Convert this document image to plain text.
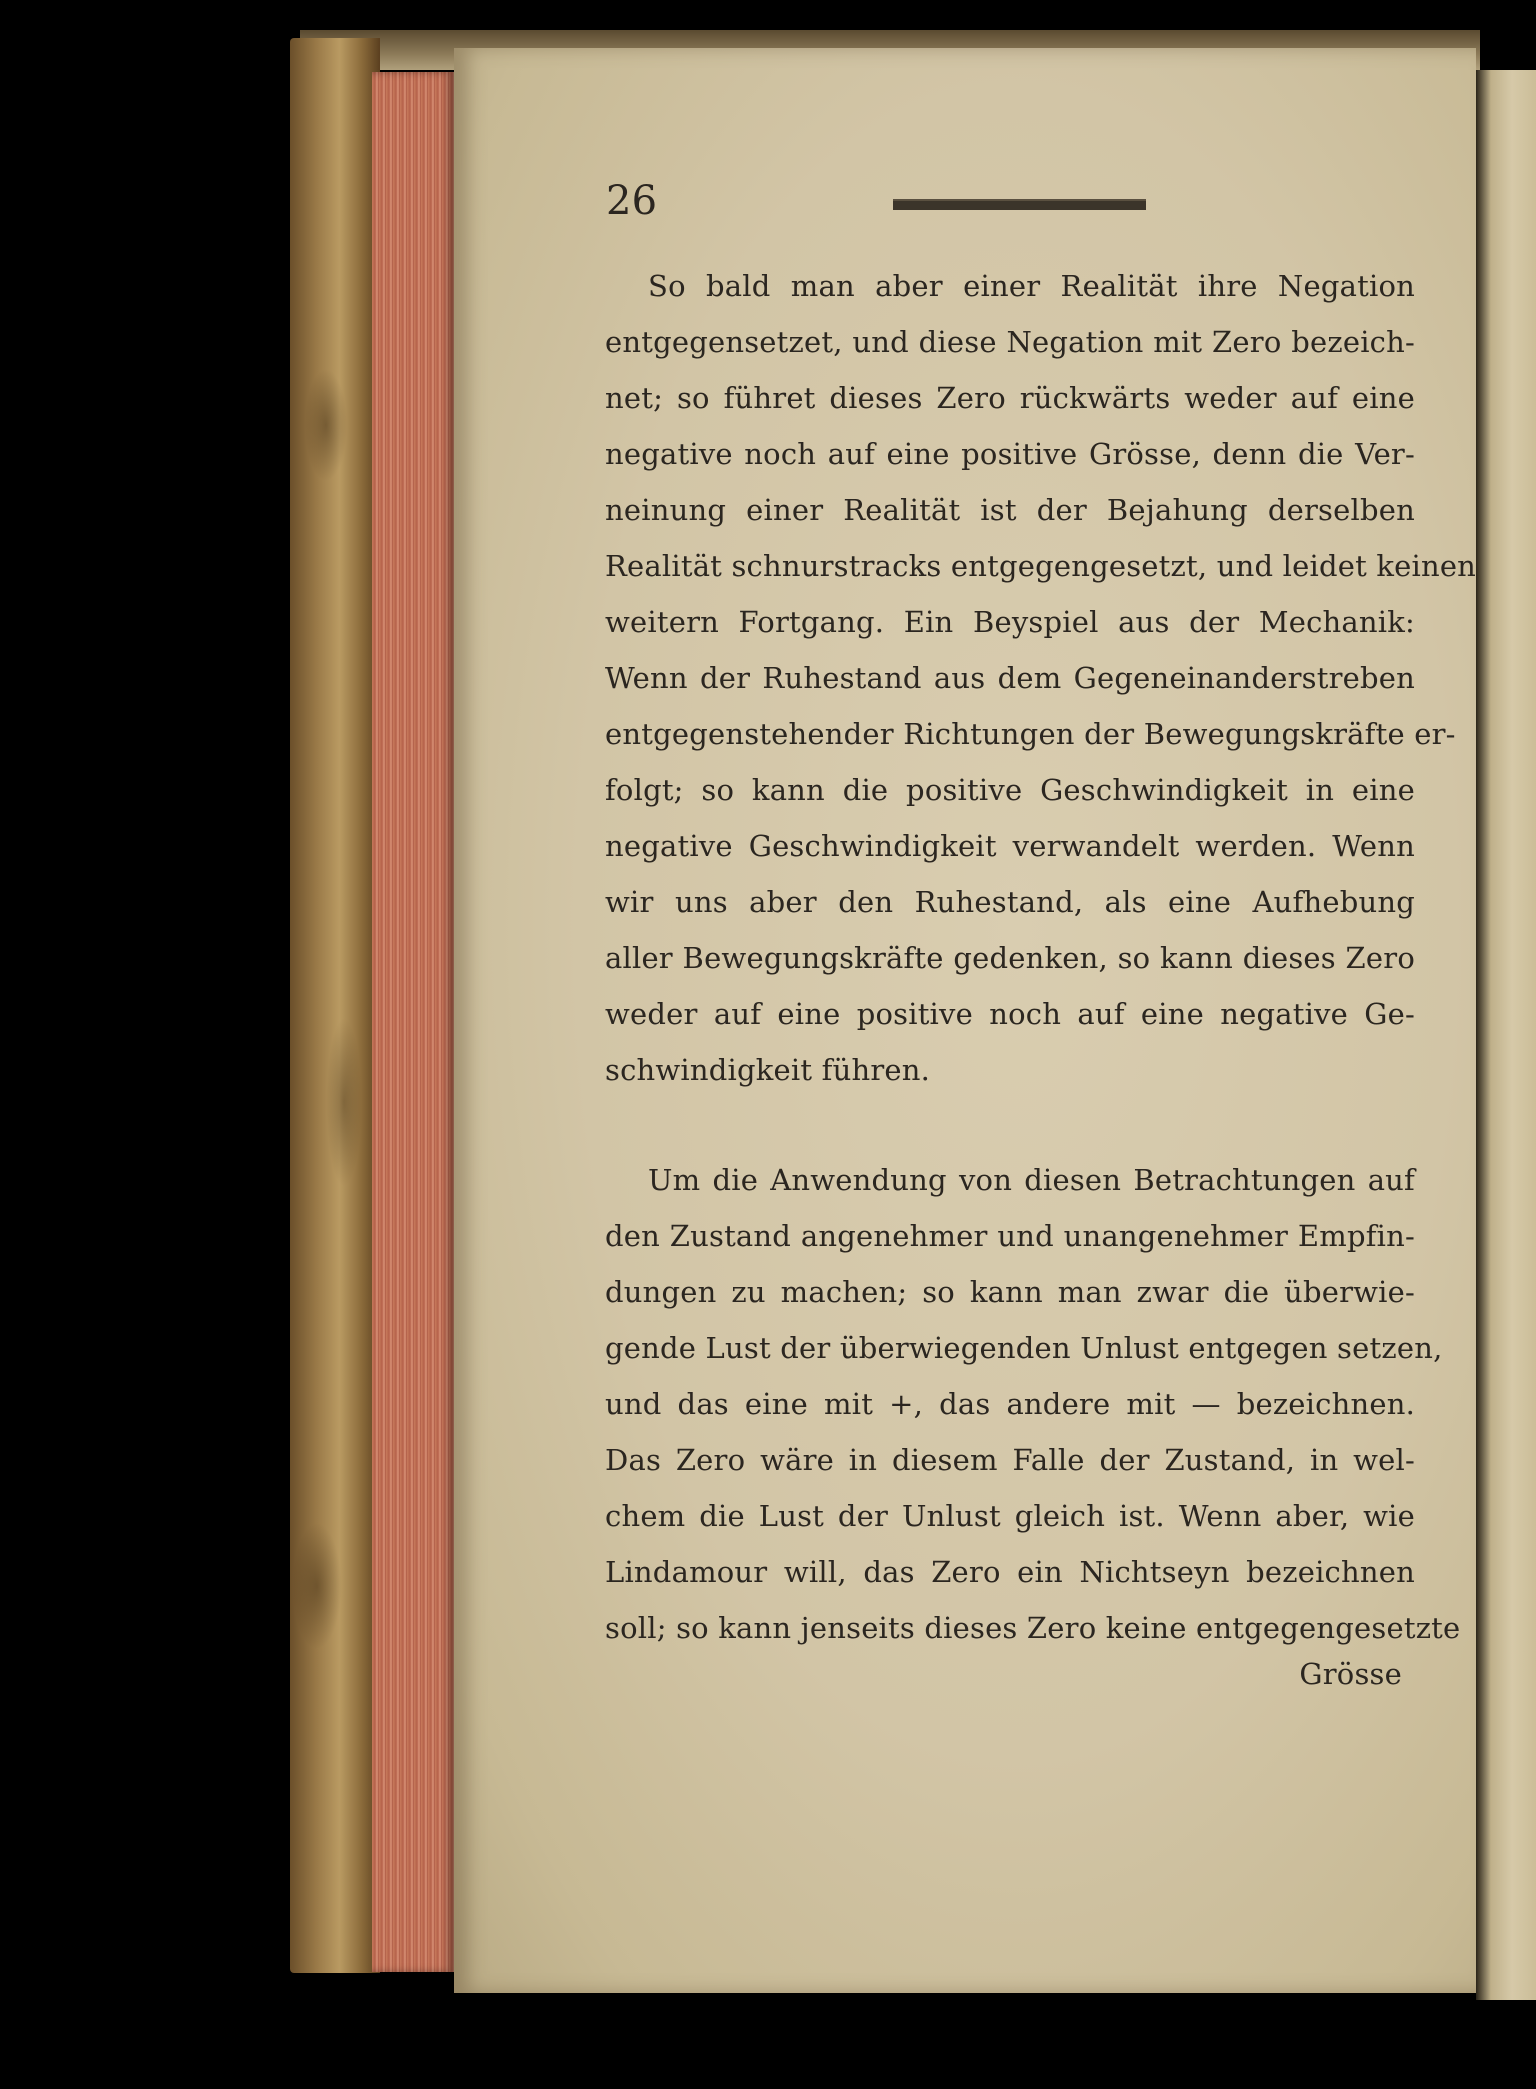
26
So bald man aber einer Realität ihre Negation
entgegensetzet, und diese Negation mit Zero bezeich-
net; so führet dieses Zero rückwärts weder auf eine
negative noch auf eine positive Grösse, denn die Ver-
neinung einer Realität ist der Bejahung derselben
Realität schnurstracks entgegengesetzt, und leidet keinen
weitern Fortgang. Ein Beyspiel aus der Mechanik:
Wenn der Ruhestand aus dem Gegeneinanderstreben
entgegenstehender Richtungen der Bewegungskräfte er-
folgt; so kann die positive Geschwindigkeit in eine
negative Geschwindigkeit verwandelt werden. Wenn
wir uns aber den Ruhestand, als eine Aufhebung
aller Bewegungskräfte gedenken, so kann dieses Zero
weder auf eine positive noch auf eine negative Ge-
schwindigkeit führen.
Um die Anwendung von diesen Betrachtungen auf
den Zustand angenehmer und unangenehmer Empfin-
dungen zu machen; so kann man zwar die überwie-
gende Lust der überwiegenden Unlust entgegen setzen,
und das eine mit +, das andere mit — bezeichnen.
Das Zero wäre in diesem Falle der Zustand, in wel-
chem die Lust der Unlust gleich ist. Wenn aber, wie
Lindamour will, das Zero ein Nichtseyn bezeichnen
soll; so kann jenseits dieses Zero keine entgegengesetzte
Grösse
